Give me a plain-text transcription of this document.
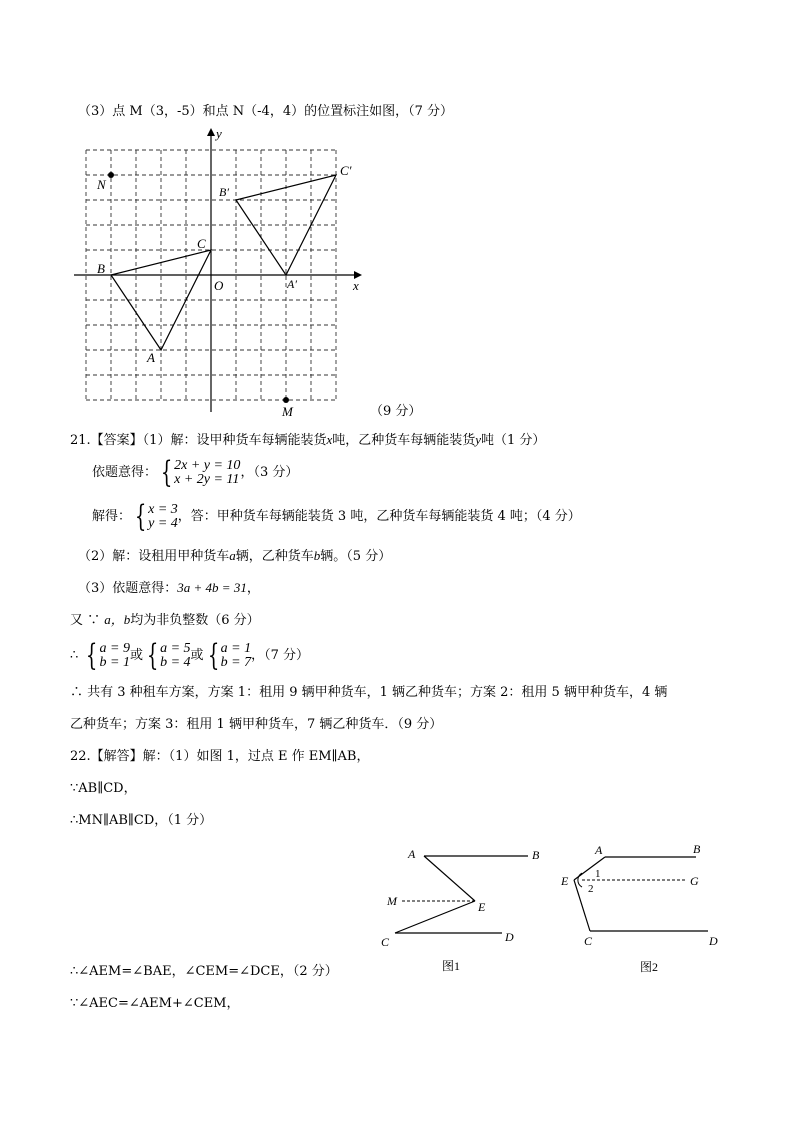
（3）点 M（3，-5）和点 N（-4，4）的位置标注如图，（7 分）
y
x
O
N
M
B
C
A
B′
C′
A′
（9 分）
21.【答案】（1）解：设甲种货车每辆能装货x吨，乙种货车每辆能装货y吨（1 分）
依题意得： { 2x + y = 10
x + 2y = 11 ，（3 分）
解得： { x = 3
y = 4 ，答：甲种货车每辆能装货 3 吨，乙种货车每辆能装货 4 吨；（4 分）
（2）解：设租用甲种货车a辆，乙种货车b辆。（5 分）
（3）依题意得：3a + 4b = 31，
又 ∵ a，b均为非负整数（6 分）
∴ { a = 9
b = 1 或 { a = 5
b = 4 或 { a = 1
b = 7 ，（7 分）
∴ 共有 3 种租车方案，方案 1：租用 9 辆甲种货车，1 辆乙种货车；方案 2：租用 5 辆甲种货车，4 辆
乙种货车；方案 3：租用 1 辆甲种货车，7 辆乙种货车．（9 分）
22.【解答】解：（1）如图 1，过点 E 作 EM∥AB，
∵AB∥CD，
∴MN∥AB∥CD，（1 分）
A	B
M	E
C	D
图1
A	B
E 1
2
G
C	D
图2
∴∠AEM=∠BAE，∠CEM=∠DCE，（2 分）
∵∠AEC=∠AEM+∠CEM，
